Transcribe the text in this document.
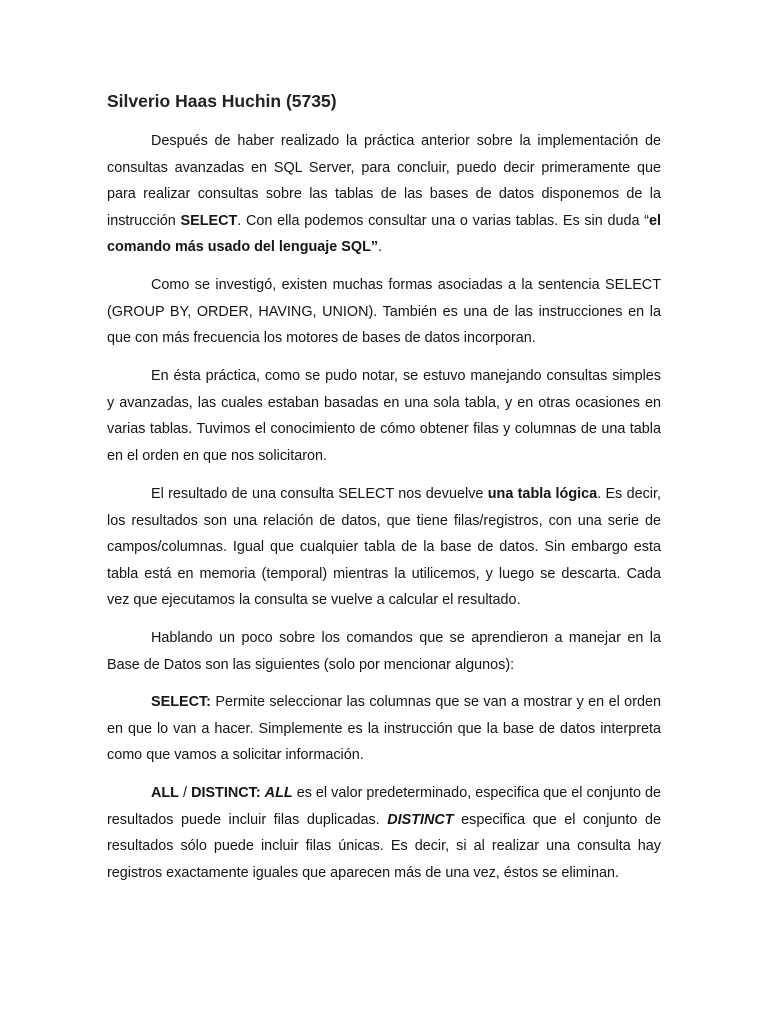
Silverio Haas Huchin (5735)

Después de haber realizado la práctica anterior sobre la implementación de consultas avanzadas en SQL Server, para concluir, puedo decir primeramente que para realizar consultas sobre las tablas de las bases de datos disponemos de la instrucción SELECT. Con ella podemos consultar una o varias tablas. Es sin duda “el comando más usado del lenguaje SQL”.

Como se investigó, existen muchas formas asociadas a la sentencia SELECT (GROUP BY, ORDER, HAVING, UNION). También es una de las instrucciones en la que con más frecuencia los motores de bases de datos incorporan.

En ésta práctica, como se pudo notar, se estuvo manejando consultas simples y avanzadas, las cuales estaban basadas en una sola tabla, y en otras ocasiones en varias tablas. Tuvimos el conocimiento de cómo obtener filas y columnas de una tabla en el orden en que nos solicitaron.

El resultado de una consulta SELECT nos devuelve una tabla lógica. Es decir, los resultados son una relación de datos, que tiene filas/registros, con una serie de campos/columnas. Igual que cualquier tabla de la base de datos. Sin embargo esta tabla está en memoria (temporal) mientras la utilicemos, y luego se descarta. Cada vez que ejecutamos la consulta se vuelve a calcular el resultado.

Hablando un poco sobre los comandos que se aprendieron a manejar en la Base de Datos son las siguientes (solo por mencionar algunos):

SELECT: Permite seleccionar las columnas que se van a mostrar y en el orden en que lo van a hacer. Simplemente es la instrucción que la base de datos interpreta como que vamos a solicitar información.

ALL / DISTINCT: ALL es el valor predeterminado, especifica que el conjunto de resultados puede incluir filas duplicadas. DISTINCT especifica que el conjunto de resultados sólo puede incluir filas únicas. Es decir, si al realizar una consulta hay registros exactamente iguales que aparecen más de una vez, éstos se eliminan.
